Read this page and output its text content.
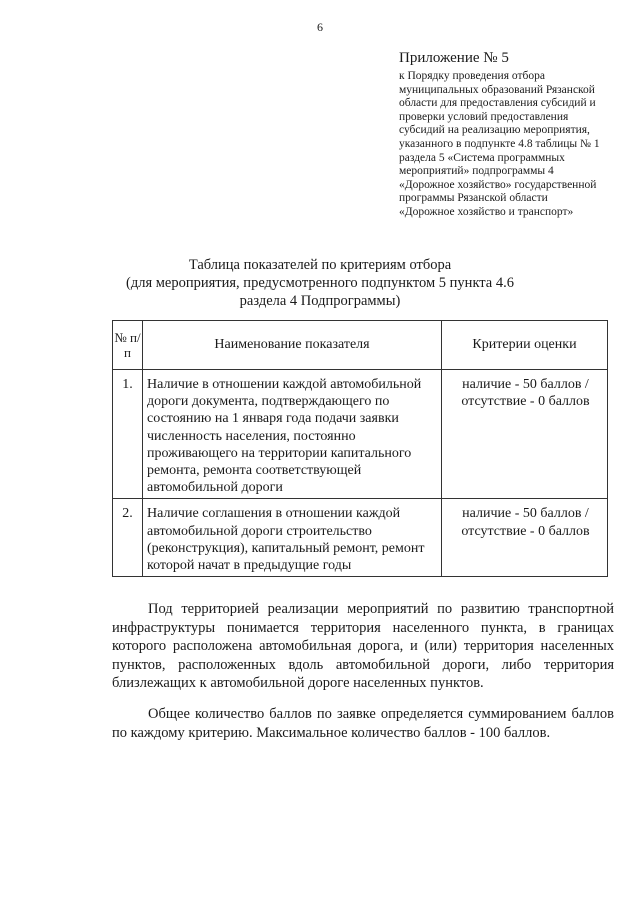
6
Приложение № 5
к Порядку проведения отбора
муниципальных образований Рязанской
области для предоставления субсидий и
проверки условий предоставления
субсидий на реализацию мероприятия,
указанного в подпункте 4.8 таблицы № 1
раздела 5 «Система программных
мероприятий» подпрограммы 4
«Дорожное хозяйство» государственной
программы Рязанской области
«Дорожное хозяйство и транспорт»
Таблица показателей по критериям отбора
(для мероприятия, предусмотренного подпунктом 5 пункта 4.6
раздела 4 Подпрограммы)
№ п/п	Наименование показателя	Критерии оценки
1.	Наличие в отношении каждой автомобильной дороги документа, подтверждающего по состоянию на 1 января года подачи заявки численность населения, постоянно проживающего на территории капитального ремонта, ремонта соответствующей автомобильной дороги	наличие - 50 баллов / отсутствие - 0 баллов
2.	Наличие соглашения в отношении каждой автомобильной дороги строительство (реконструкция), капитальный ремонт, ремонт которой начат в предыдущие годы	наличие - 50 баллов / отсутствие - 0 баллов
Под территорией реализации мероприятий по развитию транспортной инфраструктуры понимается территория населенного пункта, в границах которого расположена автомобильная дорога, и (или) территория населенных пунктов, расположенных вдоль автомобильной дороги, либо территория близлежащих к автомобильной дороге населенных пунктов.
Общее количество баллов по заявке определяется суммированием баллов по каждому критерию. Максимальное количество баллов - 100 баллов.
